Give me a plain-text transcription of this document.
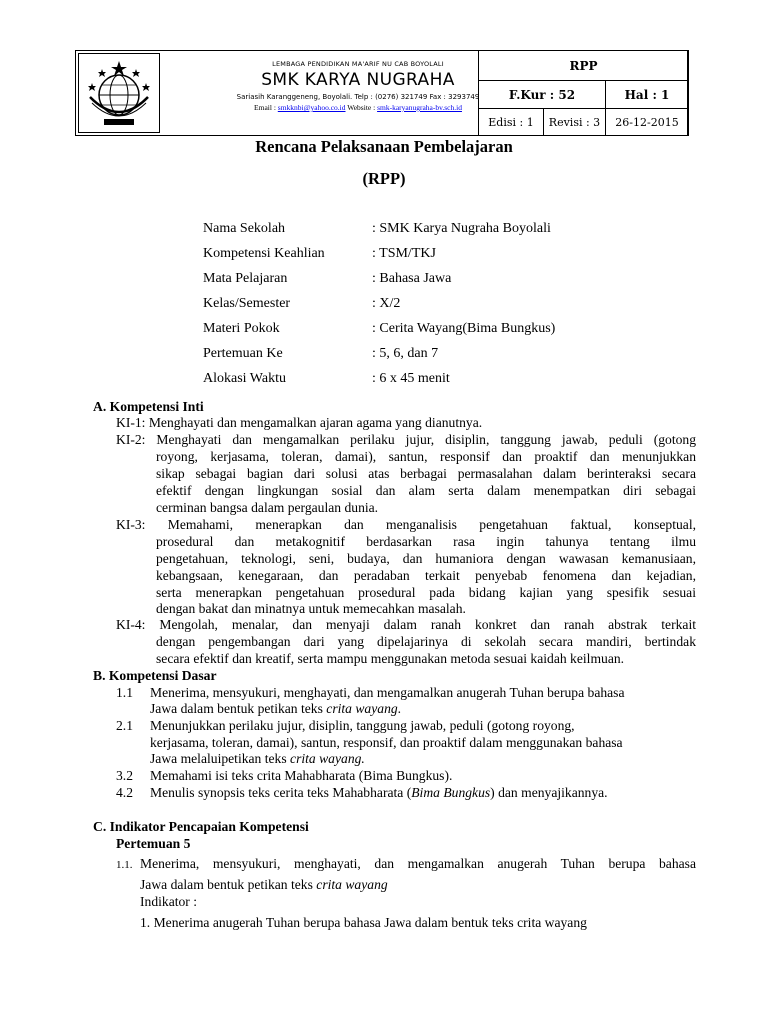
LEMBAGA PENDIDIKAN MA'ARIF NU CAB BOYOLALI
SMK KARYA NUGRAHA
Sariasih Karanggeneng, Boyolali. Telp : (0276) 321749 Fax : 3293749
Email : smkknbi@yahoo.co.id Website : smk-karyanugraha-bv.sch.id
RPP
F.Kur : 52	Hal : 1
Edisi : 1	Revisi : 3	26-12-2015
Rencana Pelaksanaan Pembelajaran
(RPP)
Nama Sekolah	: SMK Karya Nugraha Boyolali
Kompetensi Keahlian	: TSM/TKJ
Mata Pelajaran	: Bahasa Jawa
Kelas/Semester	: X/2
Materi Pokok	: Cerita Wayang(Bima Bungkus)
Pertemuan Ke	: 5, 6, dan 7
Alokasi Waktu	: 6 x 45 menit
A. Kompetensi Inti
KI-1: Menghayati dan mengamalkan ajaran agama yang dianutnya.
KI-2: Menghayati dan mengamalkan perilaku jujur, disiplin, tanggung jawab, peduli (gotong
royong, kerjasama, toleran, damai), santun, responsif dan proaktif dan menunjukkan
sikap sebagai bagian dari solusi atas berbagai permasalahan dalam berinteraksi secara
efektif dengan lingkungan sosial dan alam serta dalam menempatkan diri sebagai
cerminan bangsa dalam pergaulan dunia.
KI-3: Memahami, menerapkan dan menganalisis pengetahuan faktual, konseptual,
prosedural dan metakognitif berdasarkan rasa ingin tahunya tentang ilmu
pengetahuan, teknologi, seni, budaya, dan humaniora dengan wawasan kemanusiaan,
kebangsaan, kenegaraan, dan peradaban terkait penyebab fenomena dan kejadian,
serta menerapkan pengetahuan prosedural pada bidang kajian yang spesifik sesuai
dengan bakat dan minatnya untuk memecahkan masalah.
KI-4: Mengolah, menalar, dan menyaji dalam ranah konkret dan ranah abstrak terkait
dengan pengembangan dari yang dipelajarinya di sekolah secara mandiri, bertindak
secara efektif dan kreatif, serta mampu menggunakan metoda sesuai kaidah keilmuan.
B. Kompetensi Dasar
1.1 Menerima, mensyukuri, menghayati, dan mengamalkan anugerah Tuhan berupa bahasa
Jawa dalam bentuk petikan teks crita wayang.
2.1 Menunjukkan perilaku jujur, disiplin, tanggung jawab, peduli (gotong royong,
kerjasama, toleran, damai), santun, responsif, dan proaktif dalam menggunakan bahasa
Jawa melaluipetikan teks crita wayang.
3.2 Memahami isi teks crita Mahabharata (Bima Bungkus).
4.2 Menulis synopsis teks cerita teks Mahabharata (Bima Bungkus) dan menyajikannya.
C. Indikator Pencapaian Kompetensi
Pertemuan 5
1.1. Menerima, mensyukuri, menghayati, dan mengamalkan anugerah Tuhan berupa bahasa
Jawa dalam bentuk petikan teks crita wayang
Indikator :
1. Menerima anugerah Tuhan berupa bahasa Jawa dalam bentuk teks crita wayang
